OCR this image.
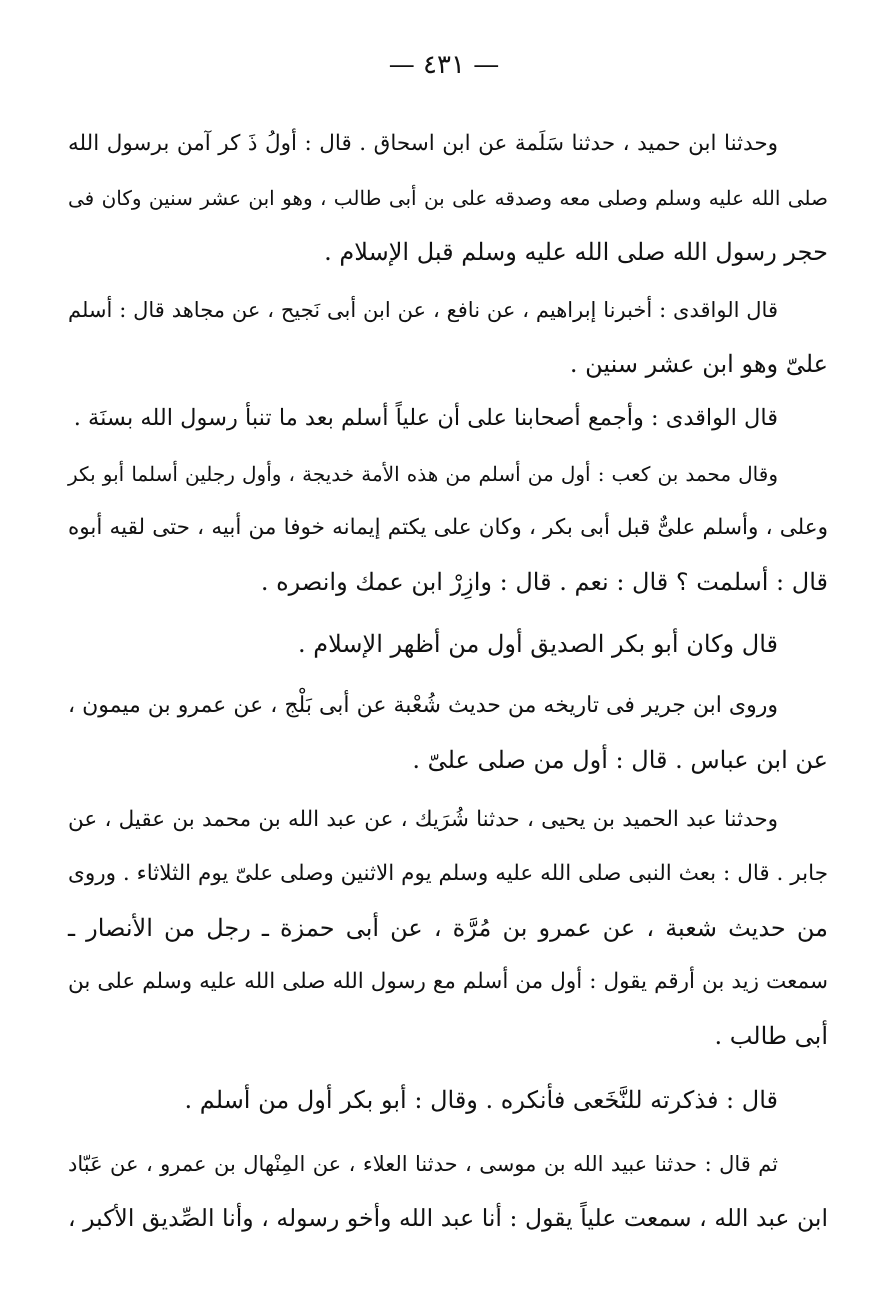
— ٤٣١ —
وحدثنا ابن حميد ، حدثنا سَلَمة عن ابن اسحاق . قال : أولُ ذَ كر آمن برسول الله
صلى الله عليه وسلم وصلى معه وصدقه على بن أبى طالب ، وهو ابن عشر سنين وكان فى
حجر رسول الله صلى الله عليه وسلم قبل الإسلام .
قال الواقدى : أخبرنا إبراهيم ، عن نافع ، عن ابن أبى نَجيح ، عن مجاهد قال : أسلم
علىّ وهو ابن عشر سنين .
قال الواقدى : وأجمع أصحابنا على أن علياً أسلم بعد ما تنبأ رسول الله بسنَة .
وقال محمد بن كعب : أول من أسلم من هذه الأمة خديجة ، وأول رجلين أسلما أبو بكر
وعلى ، وأسلم علىٌّ قبل أبى بكر ، وكان على يكتم إيمانه خوفا من أبيه ، حتى لقيه أبوه
قال : أسلمت ؟ قال : نعم . قال : وازِرْ ابن عمك وانصره .
قال وكان أبو بكر الصديق أول من أظهر الإسلام .
وروى ابن جرير فى تاريخه من حديث شُعْبة عن أبى بَلْج ، عن عمرو بن ميمون ،
عن ابن عباس . قال : أول من صلى علىّ .
وحدثنا عبد الحميد بن يحيى ، حدثنا شُرَيك ، عن عبد الله بن محمد بن عقيل ، عن
جابر . قال : بعث النبى صلى الله عليه وسلم يوم الاثنين وصلى علىّ يوم الثلاثاء . وروى
من حديث شعبة ، عن عمرو بن مُرَّة ، عن أبى حمزة ـ رجل من الأنصار ـ
سمعت زيد بن أرقم يقول : أول من أسلم مع رسول الله صلى الله عليه وسلم على بن
أبى طالب .
قال : فذكرته للنَّخَعى فأنكره . وقال : أبو بكر أول من أسلم .
ثم قال : حدثنا عبيد الله بن موسى ، حدثنا العلاء ، عن المِنْهال بن عمرو ، عن عَبّاد
ابن عبد الله ، سمعت علياً يقول : أنا عبد الله وأخو رسوله ، وأنا الصِّديق الأكبر ،
